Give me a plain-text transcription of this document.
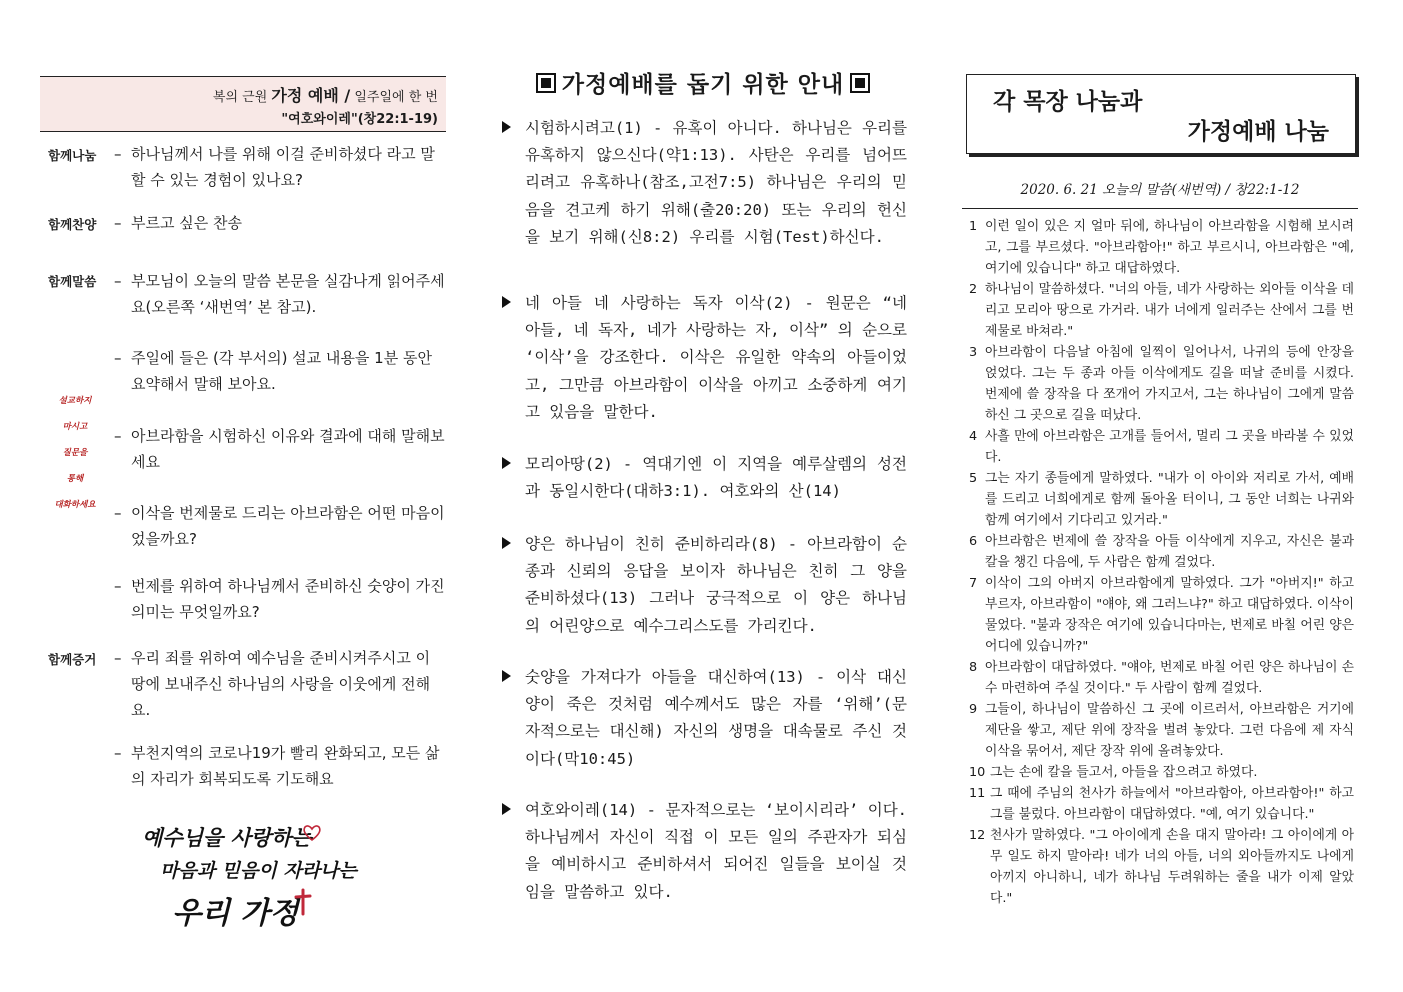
복의 근원 가정 예배 / 일주일에 한 번
"여호와이레"(창22:1-19)
함께나눔
함께찬양
함께말씀
함께증거
– 하나님께서 나를 위해 이걸 준비하셨다 라고 말할 수 있는 경험이 있나요?
– 부르고 싶은 찬송
– 부모님이 오늘의 말씀 본문을 실감나게 읽어주세요(오른쪽 ‘새번역’ 본 참고).
– 주일에 들은 (각 부서의) 설교 내용을 1분 동안 요약해서 말해 보아요.
– 아브라함을 시험하신 이유와 결과에 대해 말해보세요
– 이삭을 번제물로 드리는 아브라함은 어떤 마음이었을까요?
– 번제를 위하여 하나님께서 준비하신 숫양이 가진 의미는 무엇일까요?
– 우리 죄를 위하여 예수님을 준비시켜주시고 이 땅에 보내주신 하나님의 사랑을 이웃에게 전해요.
– 부천지역의 코로나19가 빨리 완화되고, 모든 삶의 자리가 회복되도록 기도해요
설교하지
마시고
질문을
통해
대화하세요
예수님을 사랑하는
마음과 믿음이 자라나는
우리 가정
가정예배를 돕기 위한 안내
시험하시려고(1) - 유혹이 아니다. 하나님은 우리를 유혹하지 않으신다(약1:13). 사탄은 우리를 넘어뜨리려고 유혹하나(참조,고전7:5) 하나님은 우리의 믿음을 견고케 하기 위해(출20:20) 또는 우리의 헌신을 보기 위해(신8:2) 우리를 시험(Test)하신다.
네 아들 네 사랑하는 독자 이삭(2) - 원문은 “네 아들, 네 독자, 네가 사랑하는 자, 이삭” 의 순으로 ‘이삭’을 강조한다. 이삭은 유일한 약속의 아들이었고, 그만큼 아브라함이 이삭을 아끼고 소중하게 여기고 있음을 말한다.
모리아땅(2) - 역대기엔 이 지역을 예루살렘의 성전과 동일시한다(대하3:1). 여호와의 산(14)
양은 하나님이 친히 준비하리라(8) - 아브라함이 순종과 신뢰의 응답을 보이자 하나님은 친히 그 양을 준비하셨다(13) 그러나 궁극적으로 이 양은 하나님의 어린양으로 예수그리스도를 가리킨다.
숫양을 가져다가 아들을 대신하여(13) - 이삭 대신 양이 죽은 것처럼 예수께서도 많은 자를 ‘위해’(문자적으로는 대신해) 자신의 생명을 대속물로 주신 것이다(막10:45)
여호와이레(14) - 문자적으로는 ‘보이시리라’ 이다. 하나님께서 자신이 직접 이 모든 일의 주관자가 되심을 예비하시고 준비하셔서 되어진 일들을 보이실 것임을 말씀하고 있다.
각 목장 나눔과
가정예배 나눔
2020. 6. 21 오늘의 말씀(새번역) / 창22:1-12
1 이런 일이 있은 지 얼마 뒤에, 하나님이 아브라함을 시험해 보시려고, 그를 부르셨다. "아브라함아!" 하고 부르시니, 아브라함은 "예, 여기에 있습니다" 하고 대답하였다.
2 하나님이 말씀하셨다. "너의 아들, 네가 사랑하는 외아들 이삭을 데리고 모리아 땅으로 가거라. 내가 너에게 일러주는 산에서 그를 번제물로 바쳐라."
3 아브라함이 다음날 아침에 일찍이 일어나서, 나귀의 등에 안장을 얹었다. 그는 두 종과 아들 이삭에게도 길을 떠날 준비를 시켰다. 번제에 쓸 장작을 다 쪼개어 가지고서, 그는 하나님이 그에게 말씀하신 그 곳으로 길을 떠났다.
4 사흘 만에 아브라함은 고개를 들어서, 멀리 그 곳을 바라볼 수 있었다.
5 그는 자기 종들에게 말하였다. "내가 이 아이와 저리로 가서, 예배를 드리고 너희에게로 함께 돌아올 터이니, 그 동안 너희는 나귀와 함께 여기에서 기다리고 있거라."
6 아브라함은 번제에 쓸 장작을 아들 이삭에게 지우고, 자신은 불과 칼을 챙긴 다음에, 두 사람은 함께 걸었다.
7 이삭이 그의 아버지 아브라함에게 말하였다. 그가 "아버지!" 하고 부르자, 아브라함이 "얘야, 왜 그러느냐?" 하고 대답하였다. 이삭이 물었다. "불과 장작은 여기에 있습니다마는, 번제로 바칠 어린 양은 어디에 있습니까?"
8 아브라함이 대답하였다. "얘야, 번제로 바칠 어린 양은 하나님이 손수 마련하여 주실 것이다." 두 사람이 함께 걸었다.
9 그들이, 하나님이 말씀하신 그 곳에 이르러서, 아브라함은 거기에 제단을 쌓고, 제단 위에 장작을 벌려 놓았다. 그런 다음에 제 자식 이삭을 묶어서, 제단 장작 위에 올려놓았다.
10 그는 손에 칼을 들고서, 아들을 잡으려고 하였다.
11 그 때에 주님의 천사가 하늘에서 "아브라함아, 아브라함아!" 하고 그를 불렀다. 아브라함이 대답하였다. "예, 여기 있습니다."
12 천사가 말하였다. "그 아이에게 손을 대지 말아라! 그 아이에게 아무 일도 하지 말아라! 네가 너의 아들, 너의 외아들까지도 나에게 아끼지 아니하니, 네가 하나님 두려워하는 줄을 내가 이제 알았다."
